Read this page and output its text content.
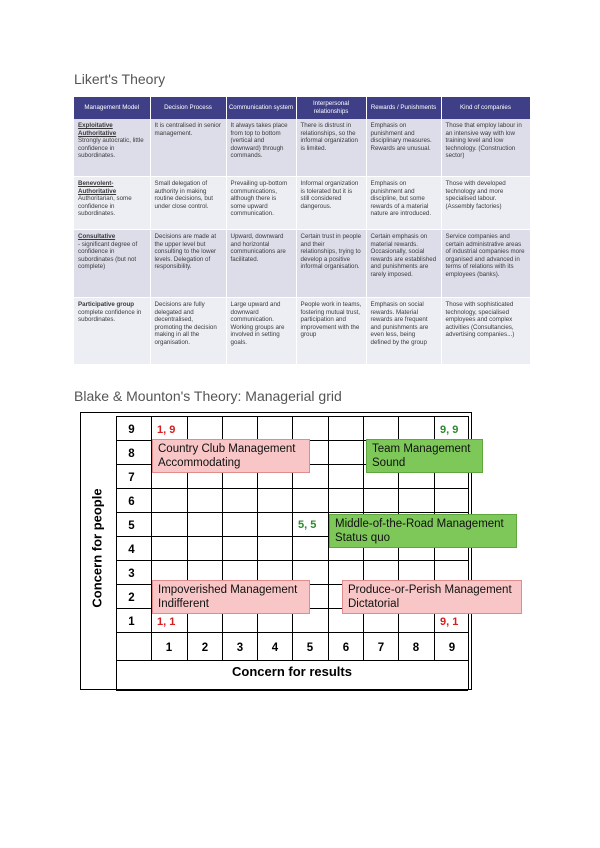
Likert's Theory
Management Model	Decision Process	Communication system	Interpersonal relationships	Rewards / Punishments	Kind of companies

Exploitative Authoritative
Strongly autocratic, little confidence in subordinates.	It is centralised in senior management.	It always takes place from top to bottom (vertical and downward) through commands.	There is distrust in relationships, so the informal organization is limited.	Emphasis on punishment and disciplinary measures. Rewards are unusual.	Those that employ labour in an intensive way with low training level and low technology. (Construction sector)

Benevolent-Authoritative
Authoritarian, some confidence in subordinates.	Small delegation of authority in making routine decisions, but under close control.	Prevailing up-bottom communications, although there is some upward communication.	Informal organization is tolerated but it is still considered dangerous.	Emphasis on punishment and discipline, but some rewards of a material nature are introduced.	Those with developed technology and more specialised labour. (Assembly factories)

Consultative
- significant degree of confidence in subordinates (but not complete)	Decisions are made at the upper level but consulting to the lower levels. Delegation of responsibility.	Upward, downward and horizontal communications are facilitated.	Certain trust in people and their relationships, trying to develop a positive informal organisation.	Certain emphasis on material rewards. Occasionally, social rewards are established and punishments are rarely imposed.	Service companies and certain administrative areas of industrial companies more organised and advanced in terms of relations with its employees (banks).

Participative group
complete confidence in subordinates.	Decisions are fully delegated and decentralised, promoting the decision making in all the organisation.	Large upward and downward communication. Working groups are involved in setting goals.	People work in teams, fostering mutual trust, participation and improvement with the group	Emphasis on social rewards. Material rewards are frequent and punishments are even less, being defined by the group	Those with sophisticated technology, specialised employees and complex activities (Consultancies, advertising companies...)
Blake & Mounton's Theory: Managerial grid
Concern for people
9
8
7
6
5
4
3
2
1
1	2	3	4	5	6	7	8	9
Concern for results
1, 9	9, 9
5, 5
1, 1	9, 1
Country Club Management
Accommodating
Team Management
Sound
Middle-of-the-Road Management
Status quo
Impoverished Management
Indifferent
Produce-or-Perish Management
Dictatorial
